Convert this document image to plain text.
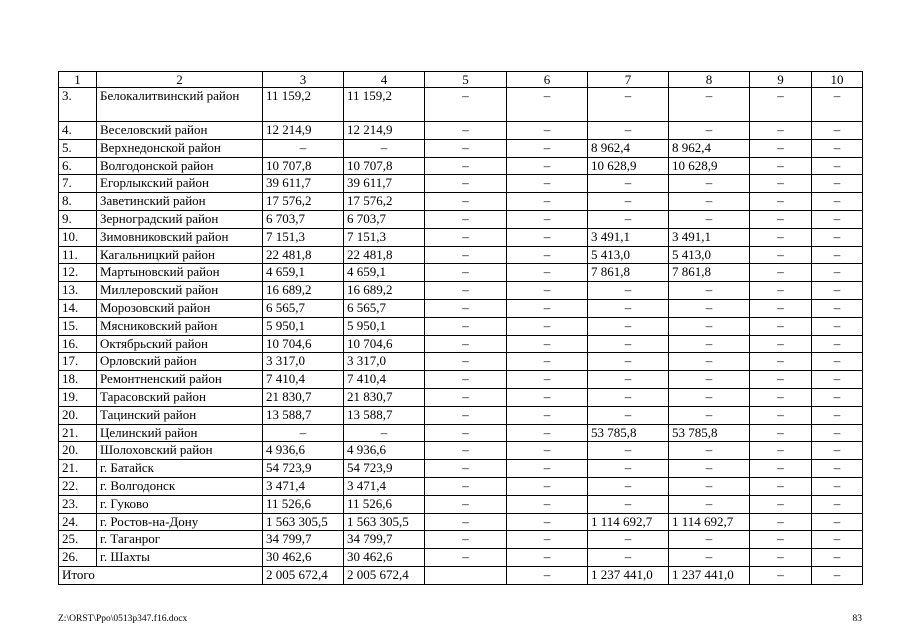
1	2	3	4	5	6	7	8	9	10
3.	Белокалитвинский район	11 159,2	11 159,2	–	–	–	–	–	–
4.	Веселовский район	12 214,9	12 214,9	–	–	–	–	–	–
5.	Верхнедонской район	–	–	–	–	8 962,4	8 962,4	–	–
6.	Волгодонской район	10 707,8	10 707,8	–	–	10 628,9	10 628,9	–	–
7.	Егорлыкский район	39 611,7	39 611,7	–	–	–	–	–	–
8.	Заветинский район	17 576,2	17 576,2	–	–	–	–	–	–
9.	Зерноградский район	6 703,7	6 703,7	–	–	–	–	–	–
10.	Зимовниковский район	7 151,3	7 151,3	–	–	3 491,1	3 491,1	–	–
11.	Кагальницкий район	22 481,8	22 481,8	–	–	5 413,0	5 413,0	–	–
12.	Мартыновский район	4 659,1	4 659,1	–	–	7 861,8	7 861,8	–	–
13.	Миллеровский район	16 689,2	16 689,2	–	–	–	–	–	–
14.	Морозовский район	6 565,7	6 565,7	–	–	–	–	–	–
15.	Мясниковский район	5 950,1	5 950,1	–	–	–	–	–	–
16.	Октябрьский район	10 704,6	10 704,6	–	–	–	–	–	–
17.	Орловский район	3 317,0	3 317,0	–	–	–	–	–	–
18.	Ремонтненский район	7 410,4	7 410,4	–	–	–	–	–	–
19.	Тарасовский район	21 830,7	21 830,7	–	–	–	–	–	–
20.	Тацинский район	13 588,7	13 588,7	–	–	–	–	–	–
21.	Целинский район	–	–	–	–	53 785,8	53 785,8	–	–
20.	Шолоховский район	4 936,6	4 936,6	–	–	–	–	–	–
21.	г. Батайск	54 723,9	54 723,9	–	–	–	–	–	–
22.	г. Волгодонск	3 471,4	3 471,4	–	–	–	–	–	–
23.	г. Гуково	11 526,6	11 526,6	–	–	–	–	–	–
24.	г. Ростов-на-Дону	1 563 305,5	1 563 305,5	–	–	1 114 692,7	1 114 692,7	–	–
25.	г. Таганрог	34 799,7	34 799,7	–	–	–	–	–	–
26.	г. Шахты	30 462,6	30 462,6	–	–	–	–	–	–
Итого		2 005 672,4	2 005 672,4		–	1 237 441,0	1 237 441,0	–	–
Z:\ORST\Ppo\0513p347.f16.docx	83
